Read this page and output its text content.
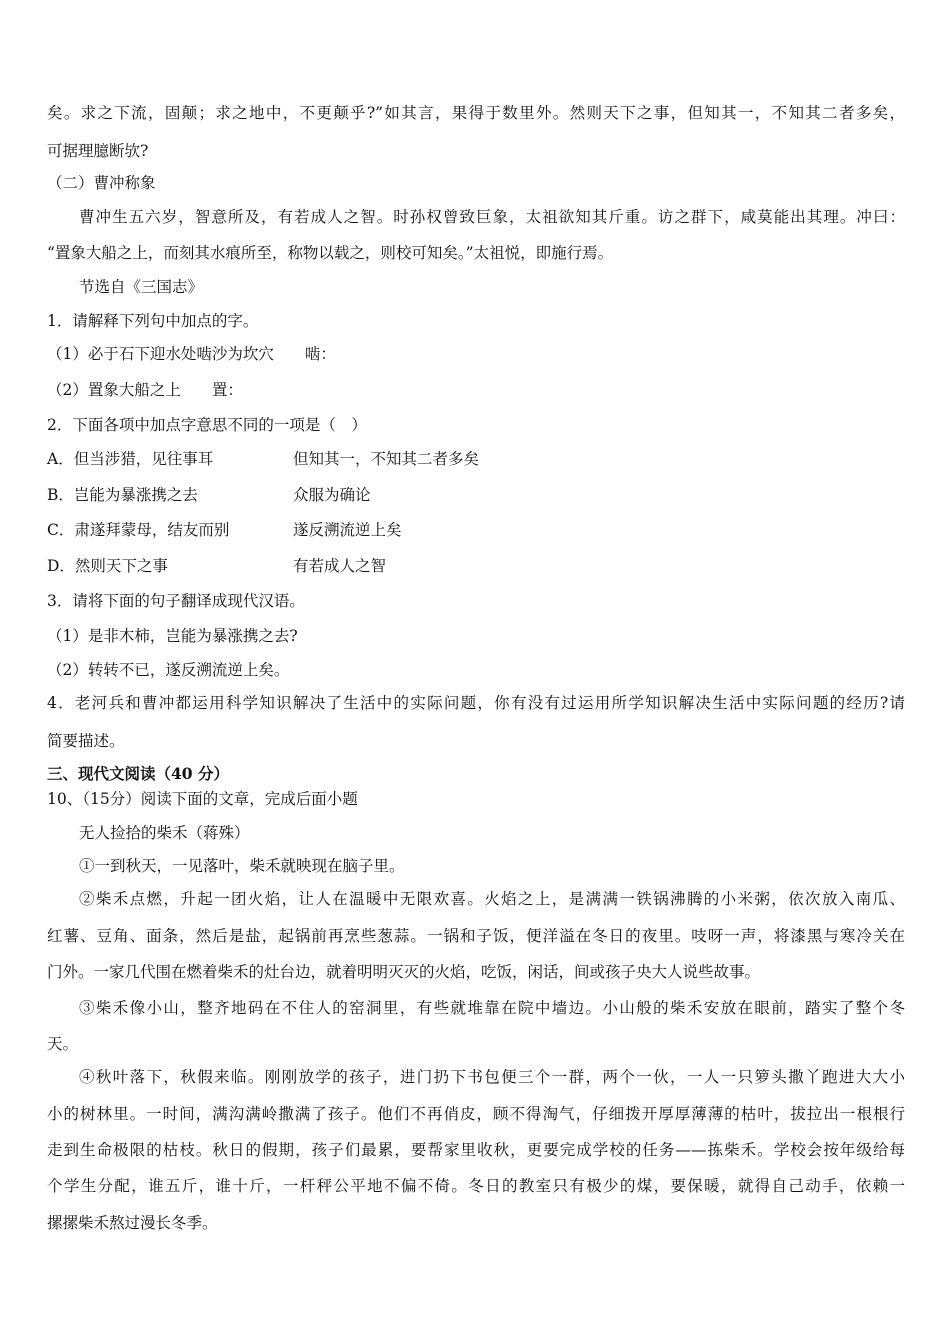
矣。求之下流，固颠；求之地中，不更颠乎?”如其言，果得于数里外。然则天下之事，但知其一，不知其二者多矣，
可据理臆断欤?
（二）曹冲称象
曹冲生五六岁，智意所及，有若成人之智。时孙权曾致巨象，太祖欲知其斤重。访之群下，咸莫能出其理。冲曰：
“置象大船之上，而刻其水痕所至，称物以载之，则校可知矣。”太祖悦，即施行焉。
节选自《三国志》
1．请解释下列句中加点的字。
（1）必于石下迎水处啮沙为坎穴　　啮：
（2）置象大船之上　　置：
2．下面各项中加点字意思不同的一项是（　）
A．但当涉猎，见往事耳	但知其一，不知其二者多矣
B．岂能为暴涨携之去	众服为确论
C．肃遂拜蒙母，结友而别	遂反溯流逆上矣
D．然则天下之事	有若成人之智
3．请将下面的句子翻译成现代汉语。
（1）是非木柿，岂能为暴涨携之去?
（2）转转不已，遂反溯流逆上矣。
4．老河兵和曹冲都运用科学知识解决了生活中的实际问题，你有没有过运用所学知识解决生活中实际问题的经历?请
简要描述。
三、现代文阅读（40 分）
10、（15分）阅读下面的文章，完成后面小题
无人捡拾的柴禾（蒋殊）
①一到秋天，一见落叶，柴禾就映现在脑子里。
②柴禾点燃，升起一团火焰，让人在温暖中无限欢喜。火焰之上，是满满一铁锅沸腾的小米粥，依次放入南瓜、
红薯、豆角、面条，然后是盐，起锅前再烹些葱蒜。一锅和子饭，便洋溢在冬日的夜里。吱呀一声，将漆黑与寒冷关在
门外。一家几代围在燃着柴禾的灶台边，就着明明灭灭的火焰，吃饭，闲话，间或孩子央大人说些故事。
③柴禾像小山，整齐地码在不住人的窑洞里，有些就堆靠在院中墙边。小山般的柴禾安放在眼前，踏实了整个冬
天。
④秋叶落下，秋假来临。刚刚放学的孩子，进门扔下书包便三个一群，两个一伙，一人一只箩头撒丫跑进大大小
小的树林里。一时间，满沟满岭撒满了孩子。他们不再俏皮，顾不得淘气，仔细拨开厚厚薄薄的枯叶，拔拉出一根根行
走到生命极限的枯枝。秋日的假期，孩子们最累，要帮家里收秋，更要完成学校的任务——拣柴禾。学校会按年级给每
个学生分配，谁五斤，谁十斤，一杆秤公平地不偏不倚。冬日的教室只有极少的煤，要保暖，就得自己动手，依赖一
摞摞柴禾熬过漫长冬季。
